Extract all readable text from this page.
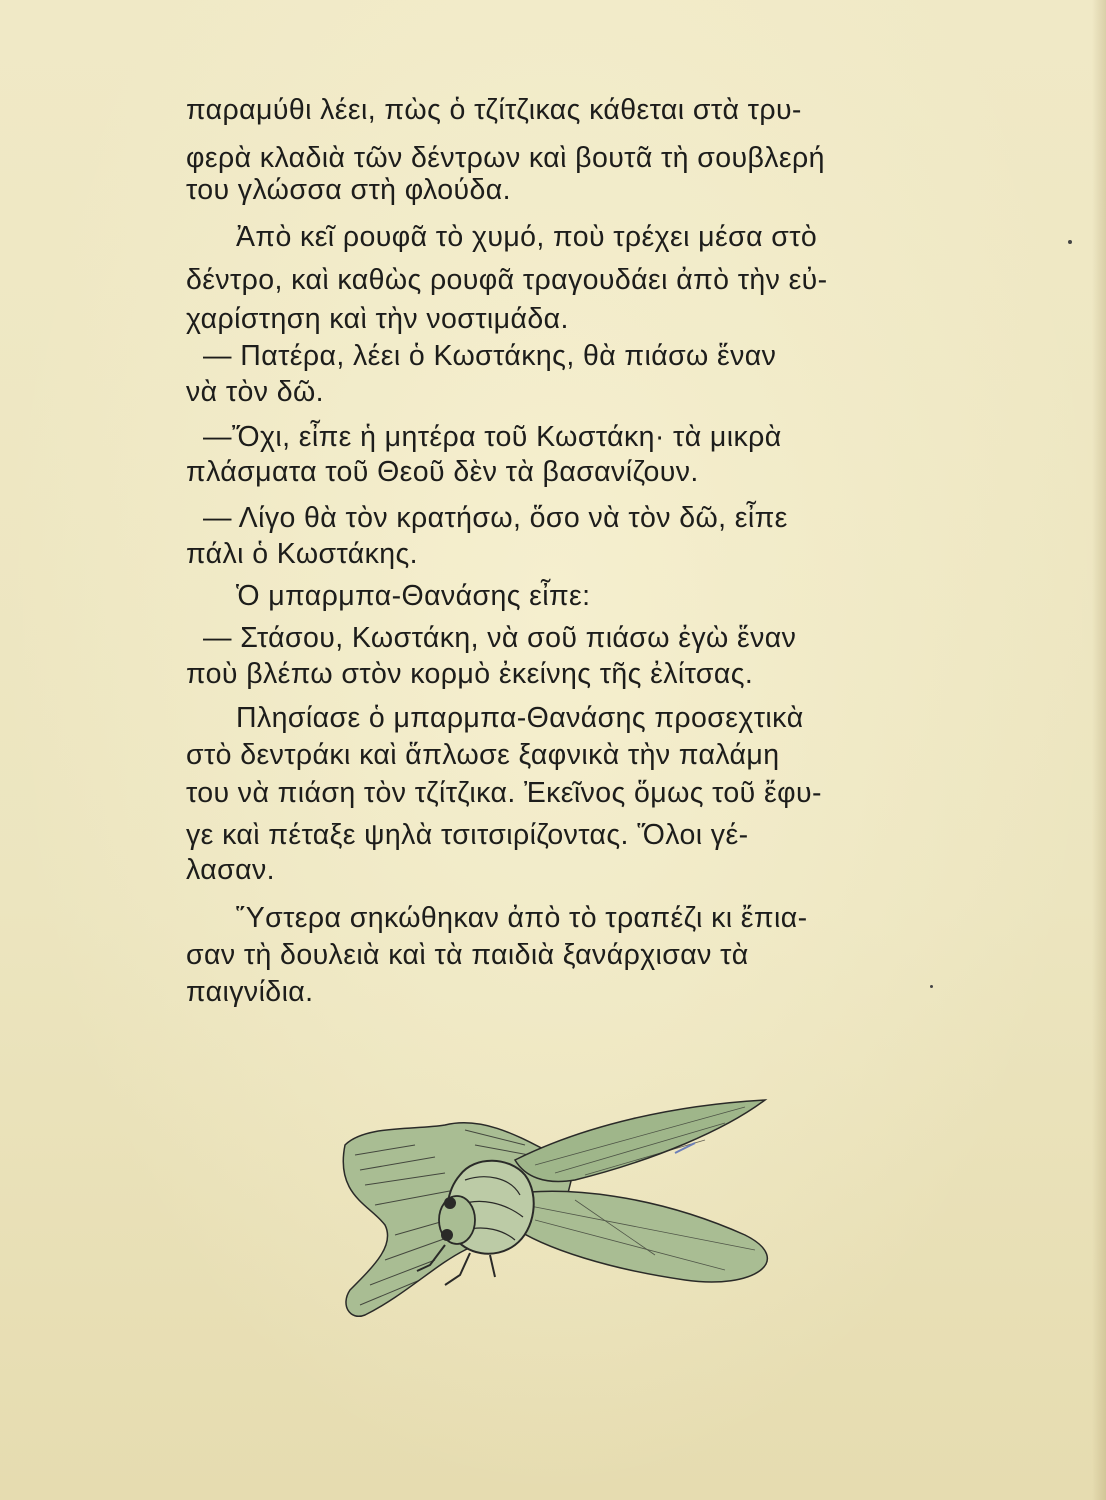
παραμύθι λέει, πὼς ὁ τζίτζικας κάθεται στὰ τρυ-
φερὰ κλαδιὰ τῶν δέντρων καὶ βουτᾶ τὴ σουβλερή
του γλώσσα στὴ φλούδα.
Ἀπὸ κεῖ ρουφᾶ τὸ χυμό, ποὺ τρέχει μέσα στὸ
δέντρο, καὶ καθὼς ρουφᾶ τραγουδάει ἀπὸ τὴν εὐ-
χαρίστηση καὶ τὴν νοστιμάδα.
— Πατέρα, λέει ὁ Κωστάκης, θὰ πιάσω ἕναν
νὰ τὸν δῶ.
—Ὄχι, εἶπε ἡ μητέρα τοῦ Κωστάκη· τὰ μικρὰ
πλάσματα τοῦ Θεοῦ δὲν τὰ βασανίζουν.
— Λίγο θὰ τὸν κρατήσω, ὅσο νὰ τὸν δῶ, εἶπε
πάλι ὁ Κωστάκης.
Ὁ μπαρμπα-Θανάσης εἶπε:
— Στάσου, Κωστάκη, νὰ σοῦ πιάσω ἐγὼ ἕναν
ποὺ βλέπω στὸν κορμὸ ἐκείνης τῆς ἐλίτσας.
Πλησίασε ὁ μπαρμπα-Θανάσης προσεχτικὰ
στὸ δεντράκι καὶ ἅπλωσε ξαφνικὰ τὴν παλάμη
του νὰ πιάση τὸν τζίτζικα. Ἐκεῖνος ὅμως τοῦ ἔφυ-
γε καὶ πέταξε ψηλὰ τσιτσιρίζοντας. Ὅλοι γέ-
λασαν.
Ὕστερα σηκώθηκαν ἀπὸ τὸ τραπέζι κι ἔπια-
σαν τὴ δουλειὰ καὶ τὰ παιδιὰ ξανάρχισαν τὰ
παιγνίδια.
